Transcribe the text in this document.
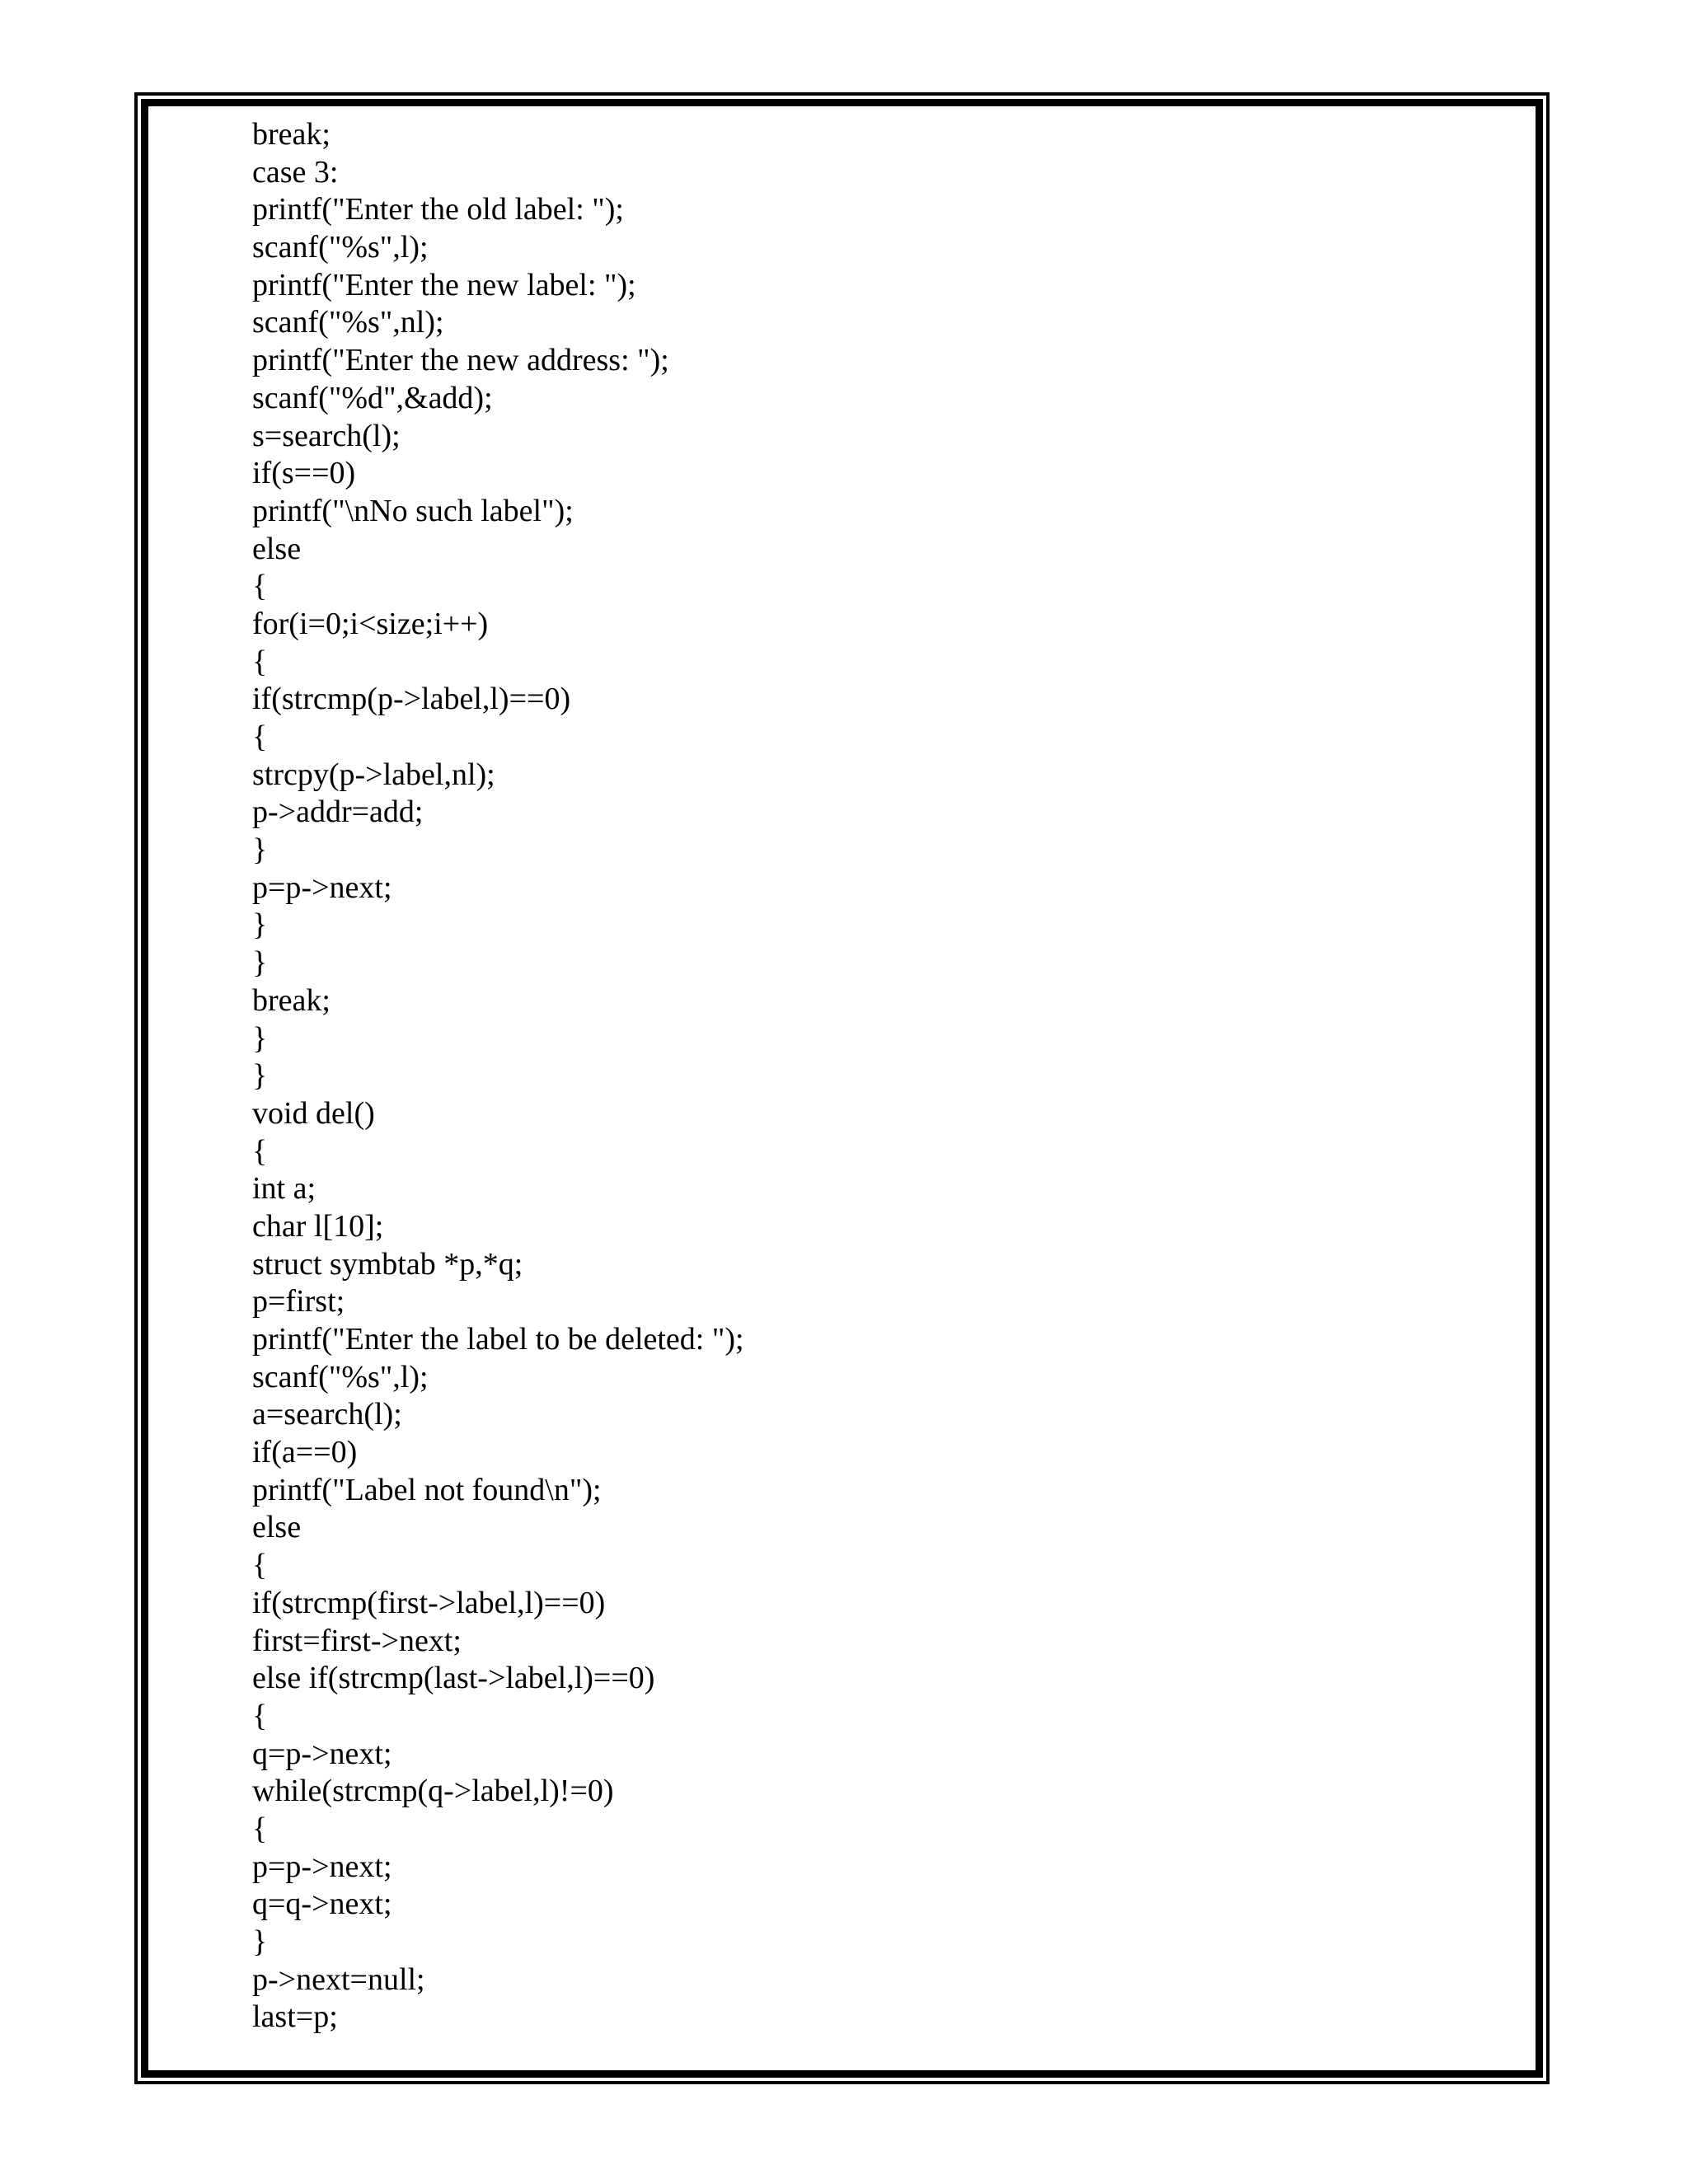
break;
case 3:
printf("Enter the old label: ");
scanf("%s",l);
printf("Enter the new label: ");
scanf("%s",nl);
printf("Enter the new address: ");
scanf("%d",&add);
s=search(l);
if(s==0)
printf("\nNo such label");
else
{
for(i=0;i<size;i++)
{
if(strcmp(p->label,l)==0)
{
strcpy(p->label,nl);
p->addr=add;
}
p=p->next;
}
}
break;
}
}
void del()
{
int a;
char l[10];
struct symbtab *p,*q;
p=first;
printf("Enter the label to be deleted: ");
scanf("%s",l);
a=search(l);
if(a==0)
printf("Label not found\n");
else
{
if(strcmp(first->label,l)==0)
first=first->next;
else if(strcmp(last->label,l)==0)
{
q=p->next;
while(strcmp(q->label,l)!=0)
{
p=p->next;
q=q->next;
}
p->next=null;
last=p;
